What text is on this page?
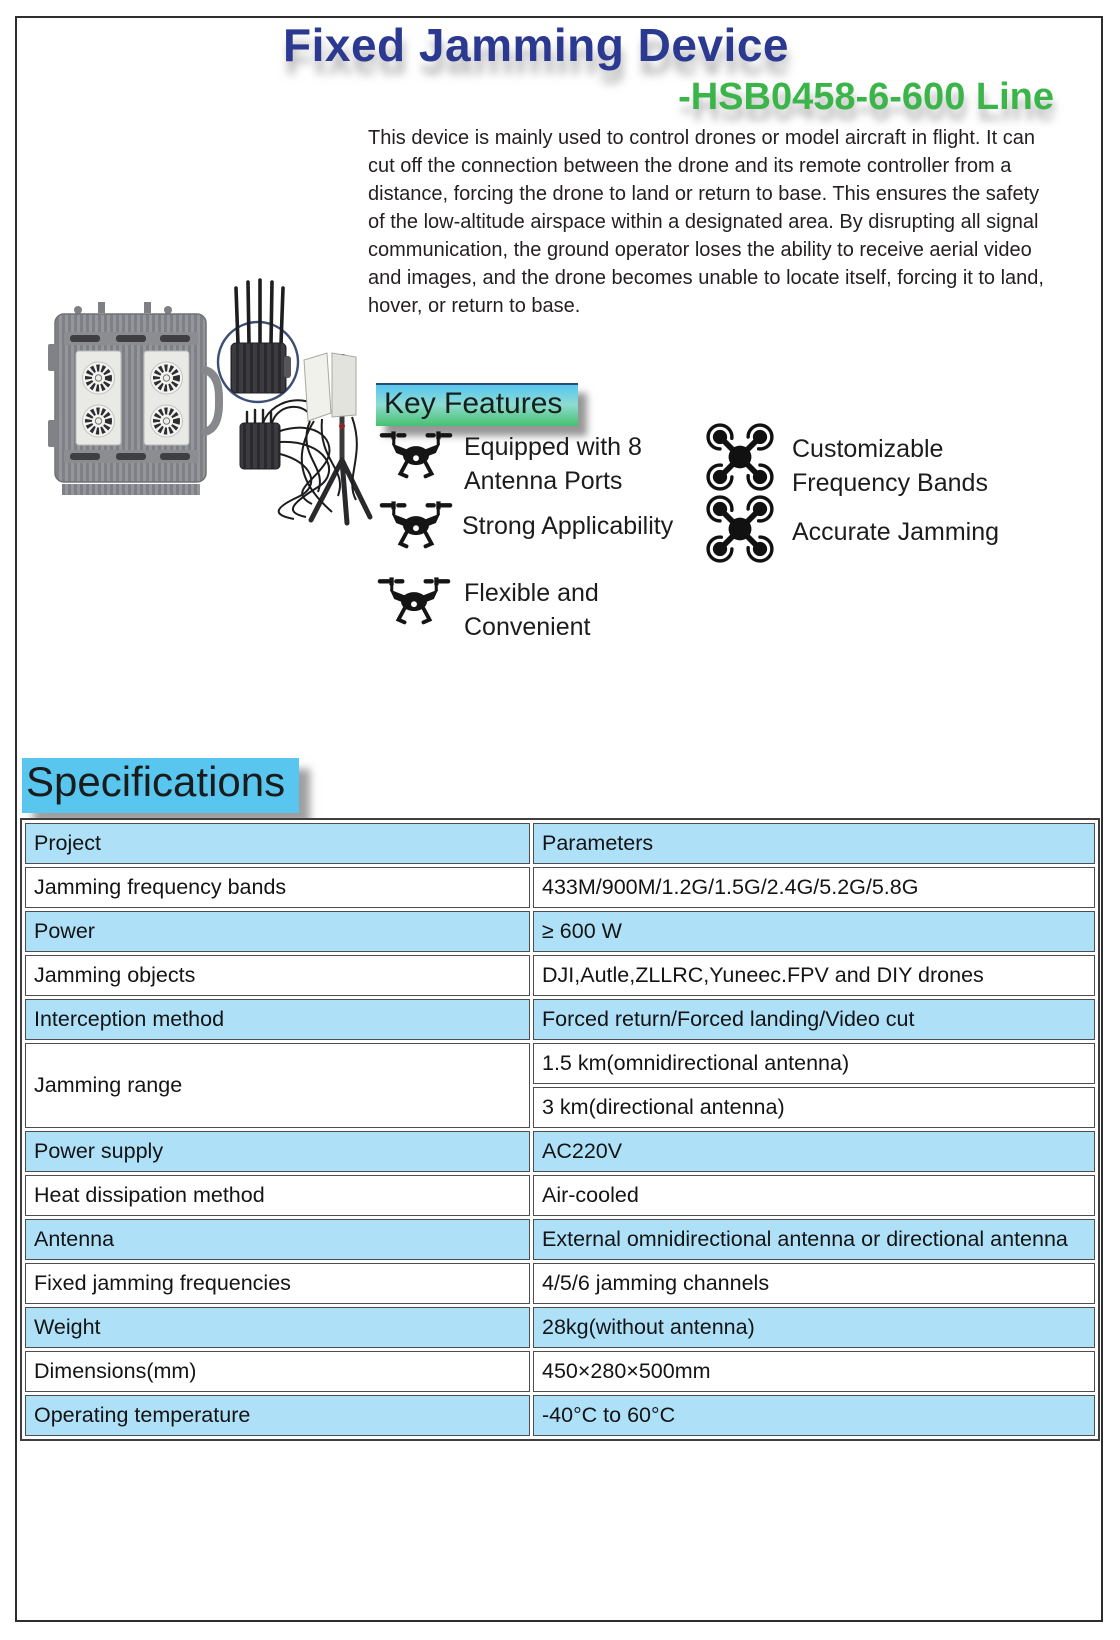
Fixed Jamming Device
-HSB0458-6-600 Line

This device is mainly used to control drones or model aircraft in flight. It can cut off the connection between the drone and its remote controller from a distance, forcing the drone to land or return to base. This ensures the safety of the low-altitude airspace within a designated area. By disrupting all signal communication, the ground operator loses the ability to receive aerial video and images, and the drone becomes unable to locate itself, forcing it to land, hover, or return to base.

Key Features
Equipped with 8 Antenna Ports
Customizable Frequency Bands
Strong Applicability	Accurate Jamming
Flexible and Convenient
Specifications
Project	Parameters
Jamming frequency bands	433M/900M/1.2G/1.5G/2.4G/5.2G/5.8G
Power	≥ 600 W
Jamming objects	DJI,Autle,ZLLRC,Yuneec.FPV and DIY drones
Interception method	Forced return/Forced landing/Video cut
Jamming range	1.5 km(omnidirectional antenna)
	3 km(directional antenna)
Power supply	AC220V
Heat dissipation method	Air-cooled
Antenna	External omnidirectional antenna or directional antenna
Fixed jamming frequencies	4/5/6 jamming channels
Weight	28kg(without antenna)
Dimensions(mm)	450×280×500mm
Operating temperature	-40°C to 60°C
